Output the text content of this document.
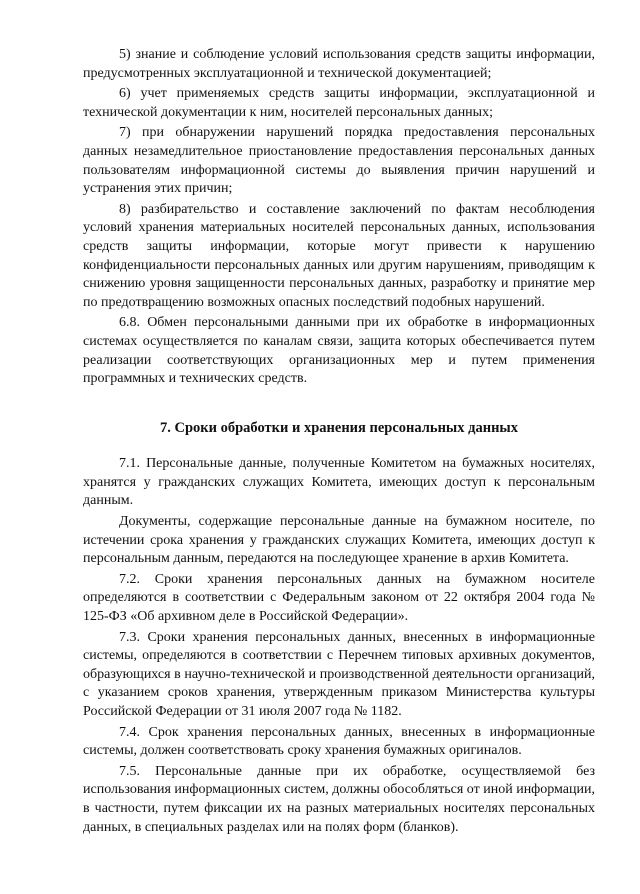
5) знание и соблюдение условий использования средств защиты информации, предусмотренных эксплуатационной и технической документацией;

6) учет применяемых средств защиты информации, эксплуатационной и технической документации к ним, носителей персональных данных;

7) при обнаружении нарушений порядка предоставления персональных данных незамедлительное приостановление предоставления персональных данных пользователям информационной системы до выявления причин нарушений и устранения этих причин;

8) разбирательство и составление заключений по фактам несоблюдения условий хранения материальных носителей персональных данных, использования средств защиты информации, которые могут привести к нарушению конфиденциальности персональных данных или другим нарушениям, приводящим к снижению уровня защищенности персональных данных, разработку и принятие мер по предотвращению возможных опасных последствий подобных нарушений.

6.8. Обмен персональными данными при их обработке в информационных системах осуществляется по каналам связи, защита которых обеспечивается путем реализации соответствующих организационных мер и путем применения программных и технических средств.

7. Сроки обработки и хранения персональных данных

7.1. Персональные данные, полученные Комитетом на бумажных носителях, хранятся у гражданских служащих Комитета, имеющих доступ к персональным данным.

Документы, содержащие персональные данные на бумажном носителе, по истечении срока хранения у гражданских служащих Комитета, имеющих доступ к персональным данным, передаются на последующее хранение в архив Комитета.

7.2. Сроки хранения персональных данных на бумажном носителе определяются в соответствии с Федеральным законом от 22 октября 2004 года № 125-ФЗ «Об архивном деле в Российской Федерации».

7.3. Сроки хранения персональных данных, внесенных в информационные системы, определяются в соответствии с Перечнем типовых архивных документов, образующихся в научно-технической и производственной деятельности организаций, с указанием сроков хранения, утвержденным приказом Министерства культуры Российской Федерации от 31 июля 2007 года № 1182.

7.4. Срок хранения персональных данных, внесенных в информационные системы, должен соответствовать сроку хранения бумажных оригиналов.

7.5. Персональные данные при их обработке, осуществляемой без использования информационных систем, должны обособляться от иной информации, в частности, путем фиксации их на разных материальных носителях персональных данных, в специальных разделах или на полях форм (бланков).
